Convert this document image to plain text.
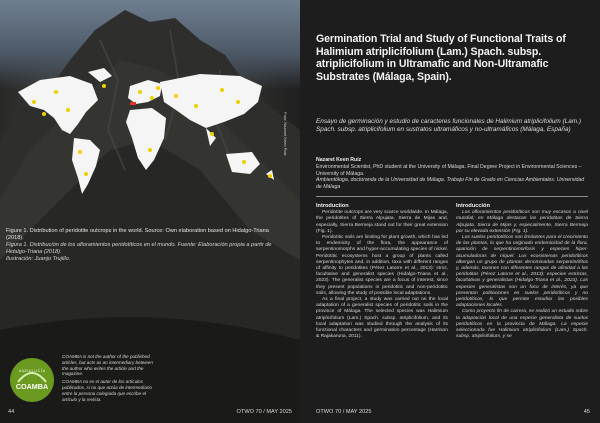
Foto: Nazaret Keen Ruiz

Figure 1. Distribution of peridotite outcrops in the world. Source: Own elaboration based on Hidalgo-Triana (2018).

Figura 1. Distribución de los afloramientos peridotíticos en el mundo. Fuente: Elaboración propia a partir de Hidalgo-Triana (2018).

Ilustración: Juanjo Trujillo.

A N D A L U C Í A
COAMBA

COAMBA is not the author of the published articles, but acts as an intermediary between the author who writes the article and the magazine.

COAMBA no es el autor de los artículos publicados, si no que actúa de intermediario entre la persona colegiada que escribe el artículo y la revista.

44	OTWO 70 / MAY 2025
Germination Trial and Study of Functional Traits of Halimium atriplicifolium (Lam.) Spach. subsp. atriplicifolium in Ultramafic and Non-Ultramafic Substrates (Málaga, Spain).
Ensayo de germinación y estudio de caracteres funcionales de Halimium atriplicifolium (Lam.) Spach. subsp. atriplicifolium en sustratos ultramáficos y no-ultramáficos (Málaga, España)

Nazaret Keen Ruiz

Environmental Scientist, PhD student at the University of Málaga. Final Degree Project in Environmental Sciences – University of Málaga.

Ambientóloga, doctoranda de la Universidad de Málaga. Trabajo Fin de Grado en Ciencias Ambientales. Universidad de Málaga

Introduction

Peridotite outcrops are very scarce worldwide. In Málaga, the peridotites of Sierra Alpujata, Sierra de Mijas and, especially, Sierra Bermeja stand out for their great extension (Fig. 1).

Peridotitic soils are limiting for plant growth, which has led to endemicity of the flora, the appearance of serpentinomorphs and hyper-accumulating species of nickel. Peridotitic ecosystems host a group of plants called serpentinophytes and, in addition, taxa with different ranges of affinity to peridotites (Pérez Latorre et al., 2013): strict, facultative and generalist species (Hidalgo-Triana et al., 2023). The generalist species are a focus of interest, since they present populations in peridotitic and non-peridotitic soils, allowing the study of possible local adaptations.

As a final project, a study was carried out on the local adaptation of a generalist species of peridotitic soils in the province of Málaga. The selected species was Halimium atriplicifolium (Lam.) Spach. subsp. atriplicifolium, and its local adaptation was studied through the analysis of its functional characters and germination percentage (Harrison & Rajakaruna, 2011).

Introducción

Los afloramientos peridotíticos son muy escasos a nivel mundial; en Málaga destacan las peridotitas de Sierra Alpujata, Sierra de Mijas y, especialmente, Sierra Bermeja por su elevada extensión (Fig. 1).

Los suelos peridotíticos son limitantes para el crecimiento de las plantas, lo que ha originado endemicidad de la flora, aparición de serpentinomorfosis y especies hiper-acumuladoras de níquel. Los ecosistemas peridotíticos albergan un grupo de plantas denominadas serpentinófitos y, además, taxones con diferentes rangos de afinidad a las peridotitas (Pérez Latorre et al., 2013): especies estrictas, facultativas y generalistas (Hidalgo-Triana et al., 2023). Las especies generalistas son un foco de interés, ya que presentan poblaciones en suelos peridotíticos y no peridotíticos, lo que permite estudiar las posibles adaptaciones locales.

Como proyecto fin de carrera, se realizó un estudio sobre la adaptación local de una especie generalista de suelos peridotíticos en la provincia de Málaga. La especie seleccionada fue Halimium atriplicifolium (Lam.) Spach. subsp. atriplicifolium, y se

OTWO 70 / MAY 2025	45
